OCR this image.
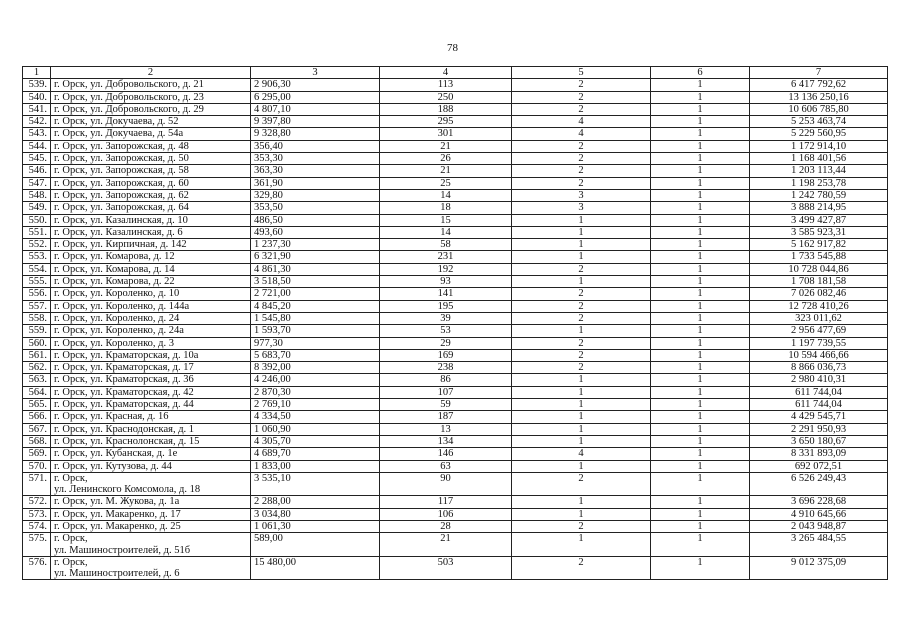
78
1	2	3	4	5	6	7
539.	г. Орск, ул. Добровольского, д. 21	2 906,30	113	2	1	6 417 792,62
540.	г. Орск, ул. Добровольского, д. 23	6 295,00	250	2	1	13 136 250,16
541.	г. Орск, ул. Добровольского, д. 29	4 807,10	188	2	1	10 606 785,80
542.	г. Орск, ул. Докучаева, д. 52	9 397,80	295	4	1	5 253 463,74
543.	г. Орск, ул. Докучаева, д. 54а	9 328,80	301	4	1	5 229 560,95
544.	г. Орск, ул. Запорожская, д. 48	356,40	21	2	1	1 172 914,10
545.	г. Орск, ул. Запорожская, д. 50	353,30	26	2	1	1 168 401,56
546.	г. Орск, ул. Запорожская, д. 58	363,30	21	2	1	1 203 113,44
547.	г. Орск, ул. Запорожская, д. 60	361,90	25	2	1	1 198 253,78
548.	г. Орск, ул. Запорожская, д. 62	329,80	14	3	1	1 242 780,59
549.	г. Орск, ул. Запорожская, д. 64	353,50	18	3	1	3 888 214,95
550.	г. Орск, ул. Казалинская, д. 10	486,50	15	1	1	3 499 427,87
551.	г. Орск, ул. Казалинская, д. 6	493,60	14	1	1	3 585 923,31
552.	г. Орск, ул. Кирпичная, д. 142	1 237,30	58	1	1	5 162 917,82
553.	г. Орск, ул. Комарова, д. 12	6 321,90	231	1	1	1 733 545,88
554.	г. Орск, ул. Комарова, д. 14	4 861,30	192	2	1	10 728 044,86
555.	г. Орск, ул. Комарова, д. 22	3 518,50	93	1	1	1 708 181,58
556.	г. Орск, ул. Короленко, д. 10	2 721,00	141	2	1	7 026 082,46
557.	г. Орск, ул. Короленко, д. 144а	4 845,20	195	2	1	12 728 410,26
558.	г. Орск, ул. Короленко, д. 24	1 545,80	39	2	1	323 011,62
559.	г. Орск, ул. Короленко, д. 24а	1 593,70	53	1	1	2 956 477,69
560.	г. Орск, ул. Короленко, д. 3	977,30	29	2	1	1 197 739,55
561.	г. Орск, ул. Краматорская, д. 10а	5 683,70	169	2	1	10 594 466,66
562.	г. Орск, ул. Краматорская, д. 17	8 392,00	238	2	1	8 866 036,73
563.	г. Орск, ул. Краматорская, д. 36	4 246,00	86	1	1	2 980 410,31
564.	г. Орск, ул. Краматорская, д. 42	2 870,30	107	1	1	611 744,04
565.	г. Орск, ул. Краматорская, д. 44	2 769,10	59	1	1	611 744,04
566.	г. Орск, ул. Красная, д. 16	4 334,50	187	1	1	4 429 545,71
567.	г. Орск, ул. Краснодонская, д. 1	1 060,90	13	1	1	2 291 950,93
568.	г. Орск, ул. Краснолонская, д. 15	4 305,70	134	1	1	3 650 180,67
569.	г. Орск, ул. Кубанская, д. 1е	4 689,70	146	4	1	8 331 893,09
570.	г. Орск, ул. Кутузова, д. 44	1 833,00	63	1	1	692 072,51
571.	г. Орск,
ул. Ленинского Комсомола, д. 18	3 535,10	90	2	1	6 526 249,43
572.	г. Орск, ул. М. Жукова, д. 1а	2 288,00	117	1	1	3 696 228,68
573.	г. Орск, ул. Макаренко, д. 17	3 034,80	106	1	1	4 910 645,66
574.	г. Орск, ул. Макаренко, д. 25	1 061,30	28	2	1	2 043 948,87
575.	г. Орск,
ул. Машиностроителей, д. 51б	589,00	21	1	1	3 265 484,55
576.	г. Орск,
ул. Машиностроителей, д. 6	15 480,00	503	2	1	9 012 375,09
